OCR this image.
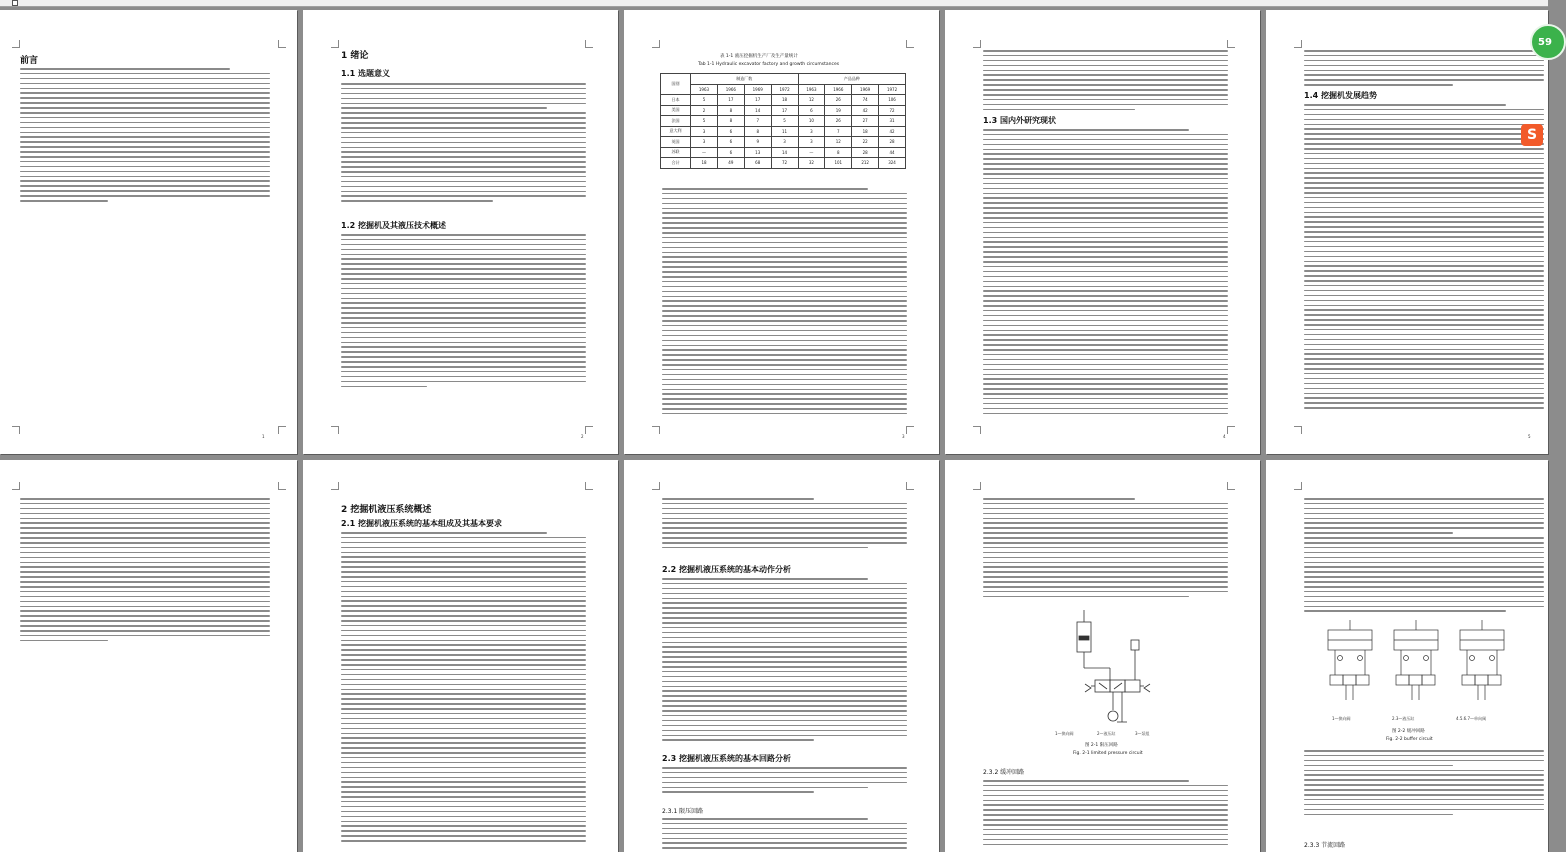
前言
1
1 绪论
1.1 选题意义
1.2 挖掘机及其液压技术概述
2
表 1-1 液压挖掘机生产厂及生产量统计
Tab 1-1 Hydraulic excavator factory and growth circumstances
国别	制造厂数				产品品种			
	1963	1966	1969	1972	1963	1966	1969	1972
日本	5	17	17	18	12	26	74	106
美国	2	8	14	17	6	19	42	72
法国	5	8	7	5	10	26	27	31
意大利	3	6	8	11	3	7	18	42
英国	3	6	9	3	3	12	22	28
苏联	—	6	13	14	—	8	28	44
合计	18	49	68	72	32	101	212	324
3
1.3 国内外研究现状
4
1.4 挖掘机发展趋势
5
2 挖掘机液压系统概述
2.1 挖掘机液压系统的基本组成及其基本要求
2.2 挖掘机液压系统的基本动作分析
2.3 挖掘机液压系统的基本回路分析
2.3.1 限压回路
1—换向阀	2—液压缸	3—泵组
图 2-1 限压回路
Fig. 2-1 limited pressure circuit
2.3.2 缓冲回路
1—换向阀	2.3—液压缸	4.5.6.7—单向阀
图 2-2 缓冲回路
Fig. 2-2 buffer circuit
2.3.3 节流回路
59
S
